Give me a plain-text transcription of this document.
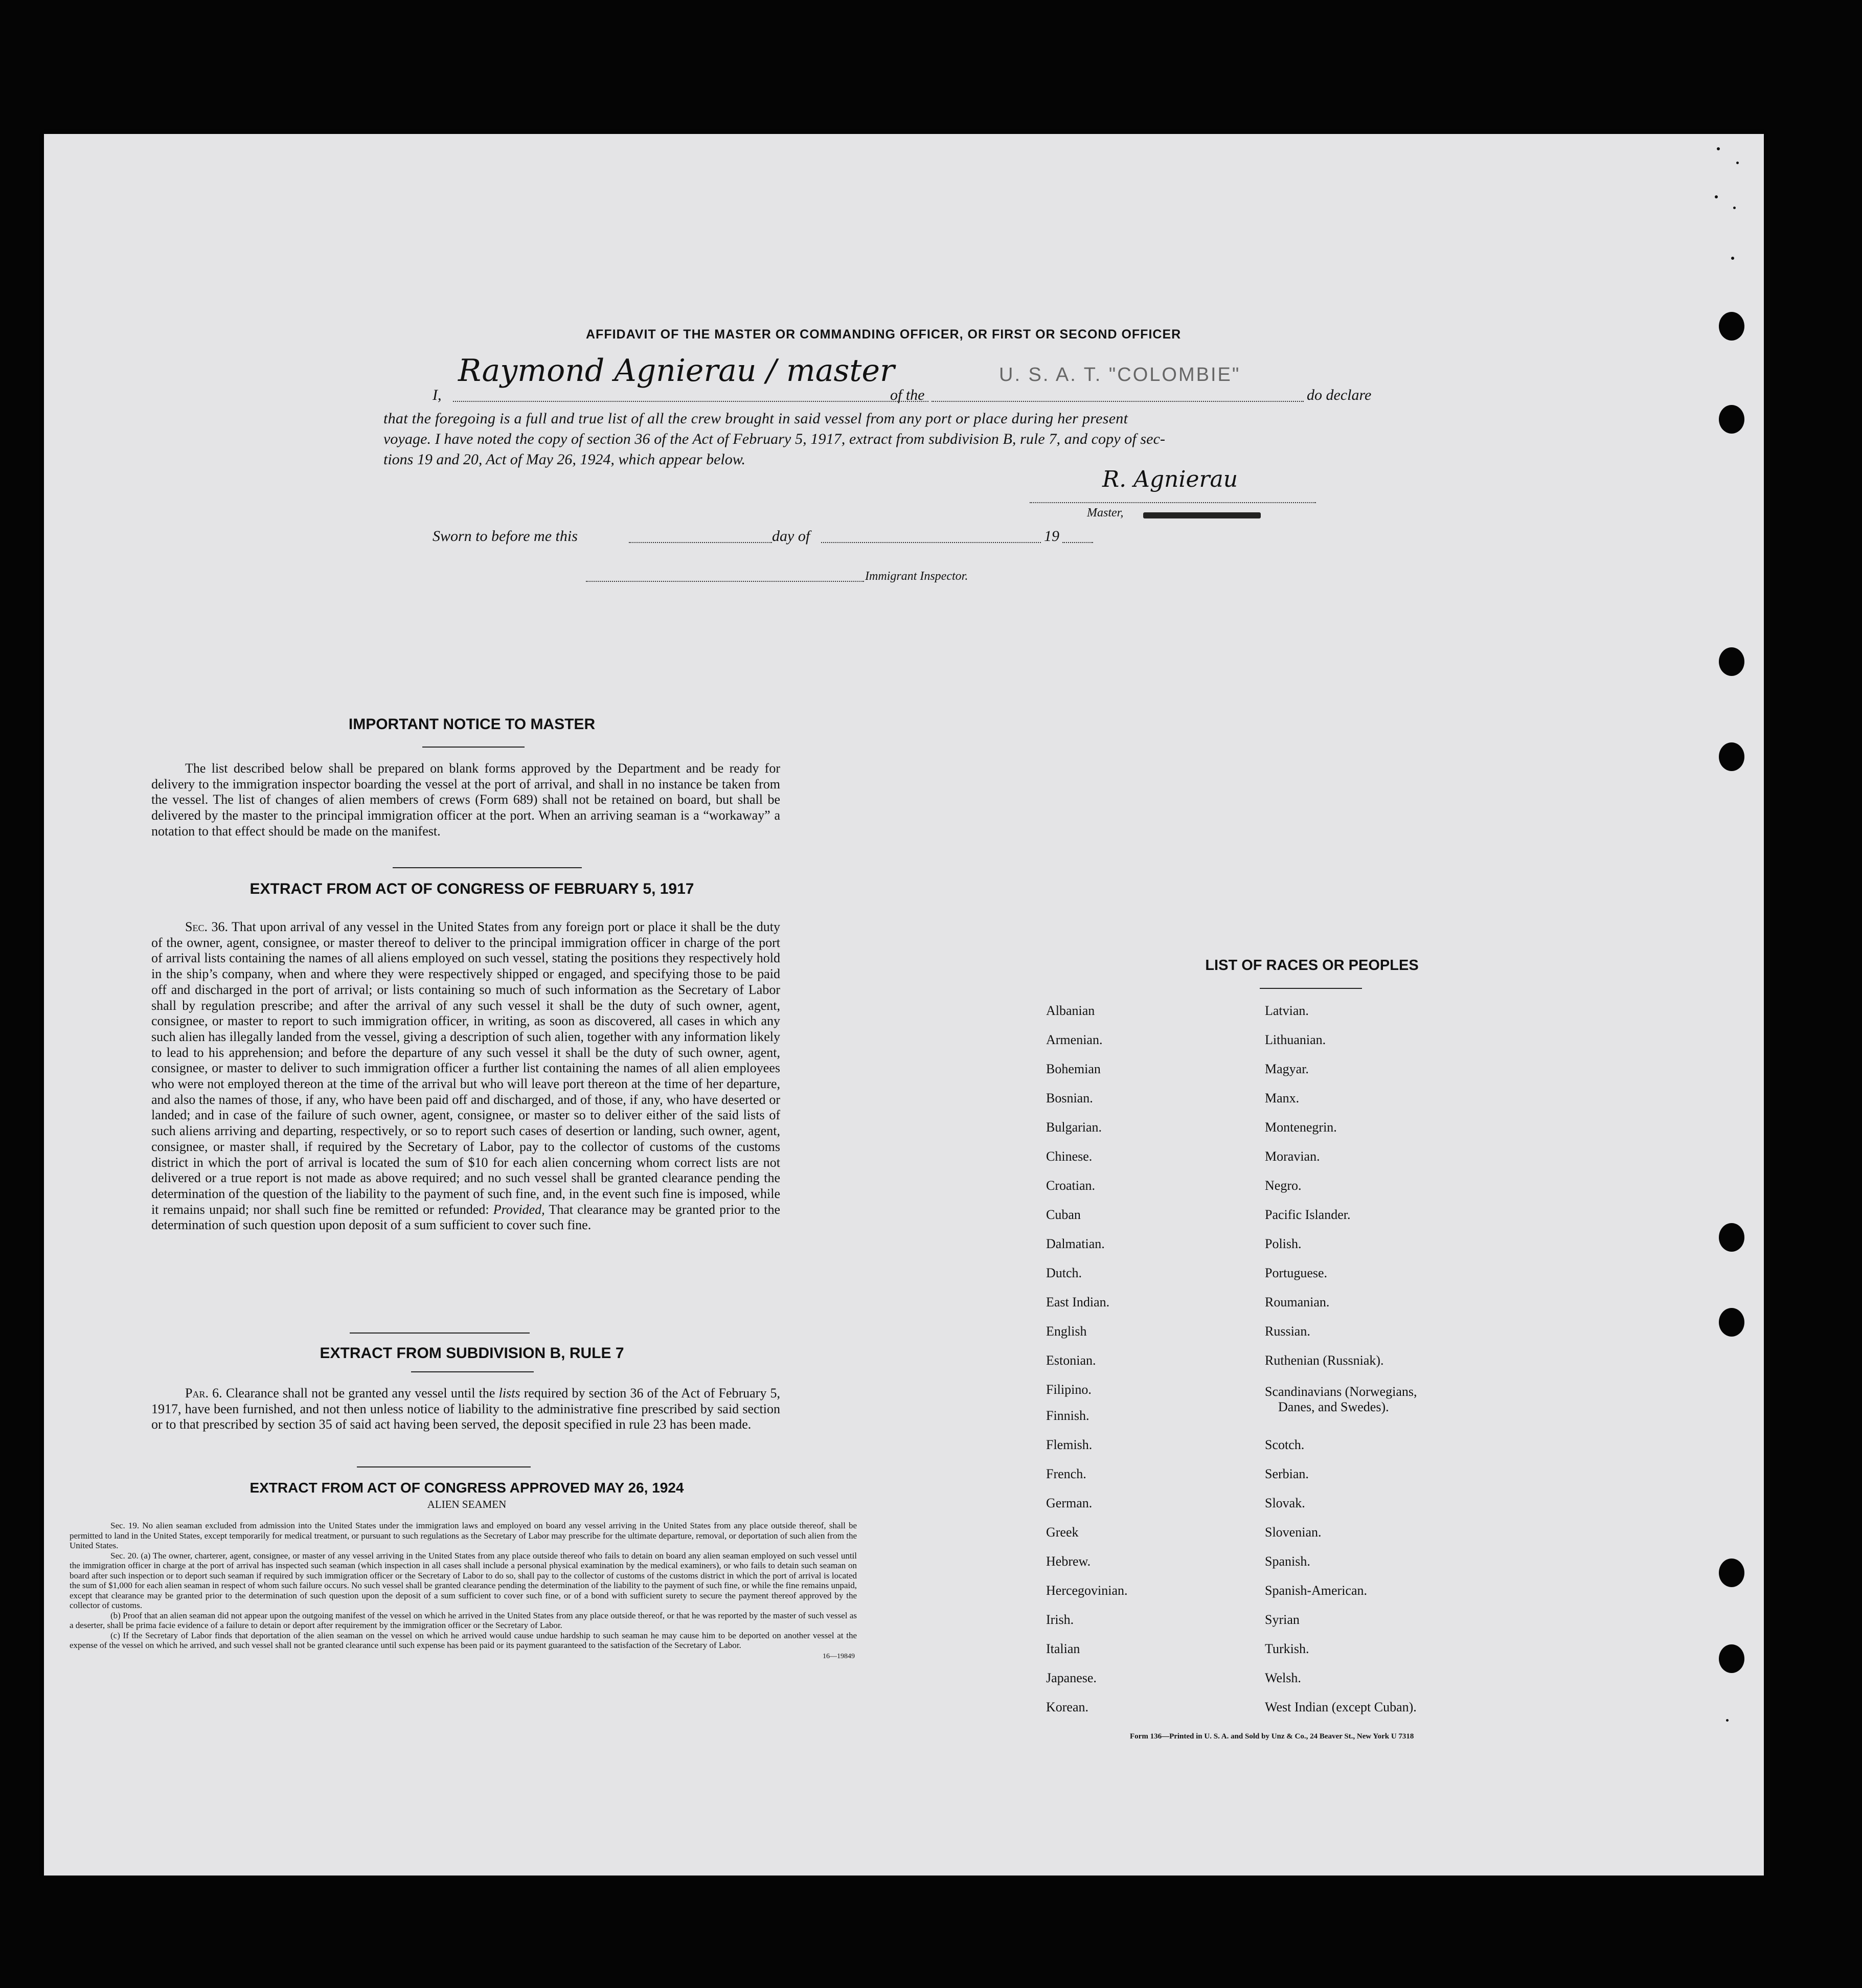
AFFIDAVIT OF THE MASTER OR COMMANDING OFFICER, OR FIRST OR SECOND OFFICER
I,
Raymond Agnierau / master
of the
U. S. A. T. "COLOMBIE"
do declare
that the foregoing is a full and true list of all the crew brought in said vessel from any port or place during her present
voyage. I have noted the copy of section 36 of the Act of February 5, 1917, extract from subdivision B, rule 7, and copy of sec-
tions 19 and 20, Act of May 26, 1924, which appear below.
R. Agnierau
Master,
Sworn to before me this	day of	19
Immigrant Inspector.
IMPORTANT NOTICE TO MASTER
The list described below shall be prepared on blank forms approved by the Department and be ready for delivery to the immigration inspector boarding the vessel at the port of arrival, and shall in no instance be taken from the vessel. The list of changes of alien members of crews (Form 689) shall not be retained on board, but shall be delivered by the master to the principal immigration officer at the port. When an arriving seaman is a “workaway” a notation to that effect should be made on the manifest.
EXTRACT FROM ACT OF CONGRESS OF FEBRUARY 5, 1917
Sec. 36. That upon arrival of any vessel in the United States from any foreign port or place it shall be the duty of the owner, agent, consignee, or master thereof to deliver to the principal immigration officer in charge of the port of arrival lists containing the names of all aliens employed on such vessel, stating the positions they respectively hold in the ship’s company, when and where they were respectively shipped or engaged, and specifying those to be paid off and discharged in the port of arrival; or lists containing so much of such information as the Secretary of Labor shall by regulation prescribe; and after the arrival of any such vessel it shall be the duty of such owner, agent, consignee, or master to report to such immigration officer, in writing, as soon as discovered, all cases in which any such alien has illegally landed from the vessel, giving a description of such alien, together with any information likely to lead to his apprehension; and before the departure of any such vessel it shall be the duty of such owner, agent, consignee, or master to deliver to such immigration officer a further list containing the names of all alien employees who were not employed thereon at the time of the arrival but who will leave port thereon at the time of her departure, and also the names of those, if any, who have been paid off and discharged, and of those, if any, who have deserted or landed; and in case of the failure of such owner, agent, consignee, or master so to deliver either of the said lists of such aliens arriving and departing, respectively, or so to report such cases of desertion or landing, such owner, agent, consignee, or master shall, if required by the Secretary of Labor, pay to the collector of customs of the customs district in which the port of arrival is located the sum of $10 for each alien concerning whom correct lists are not delivered or a true report is not made as above required; and no such vessel shall be granted clearance pending the determination of the question of the liability to the payment of such fine, and, in the event such fine is imposed, while it remains unpaid; nor shall such fine be remitted or refunded: Provided, That clearance may be granted prior to the determination of such question upon deposit of a sum sufficient to cover such fine.
EXTRACT FROM SUBDIVISION B, RULE 7
Par. 6. Clearance shall not be granted any vessel until the lists required by section 36 of the Act of February 5, 1917, have been furnished, and not then unless notice of liability to the administrative fine prescribed by said section or to that prescribed by section 35 of said act having been served, the deposit specified in rule 23 has been made.
EXTRACT FROM ACT OF CONGRESS APPROVED MAY 26, 1924
ALIEN SEAMEN
Sec. 19. No alien seaman excluded from admission into the United States under the immigration laws and employed on board any vessel arriving in the United States from any place outside thereof, shall be permitted to land in the United States, except temporarily for medical treatment, or pursuant to such regulations as the Secretary of Labor may prescribe for the ultimate departure, removal, or deportation of such alien from the United States.
Sec. 20. (a) The owner, charterer, agent, consignee, or master of any vessel arriving in the United States from any place outside thereof who fails to detain on board any alien seaman employed on such vessel until the immigration officer in charge at the port of arrival has inspected such seaman (which inspection in all cases shall include a personal physical examination by the medical examiners), or who fails to detain such seaman on board after such inspection or to deport such seaman if required by such immigration officer or the Secretary of Labor to do so, shall pay to the collector of customs of the customs district in which the port of arrival is located the sum of $1,000 for each alien seaman in respect of whom such failure occurs. No such vessel shall be granted clearance pending the determination of the liability to the payment of such fine, or while the fine remains unpaid, except that clearance may be granted prior to the determination of such question upon the deposit of a sum sufficient to cover such fine, or of a bond with sufficient surety to secure the payment thereof approved by the collector of customs.
(b) Proof that an alien seaman did not appear upon the outgoing manifest of the vessel on which he arrived in the United States from any place outside thereof, or that he was reported by the master of such vessel as a deserter, shall be prima facie evidence of a failure to detain or deport after requirement by the immigration officer or the Secretary of Labor.
(c) If the Secretary of Labor finds that deportation of the alien seaman on the vessel on which he arrived would cause undue hardship to such seaman he may cause him to be deported on another vessel at the expense of the vessel on which he arrived, and such vessel shall not be granted clearance until such expense has been paid or its payment guaranteed to the satisfaction of the Secretary of Labor.
16—19849
LIST OF RACES OR PEOPLES
Albanian
Armenian.
Bohemian
Bosnian.
Bulgarian.
Chinese.
Croatian.
Cuban
Dalmatian.
Dutch.
East Indian.
English
Estonian.
Filipino.
Finnish.
Flemish.
French.
German.
Greek
Hebrew.
Hercegovinian.
Irish.
Italian
Japanese.
Korean.
Latvian.
Lithuanian.
Magyar.
Manx.
Montenegrin.
Moravian.
Negro.
Pacific Islander.
Polish.
Portuguese.
Roumanian.
Russian.
Ruthenian (Russniak).
Scandinavians (Norwegians,
Danes, and Swedes).
Scotch.
Serbian.
Slovak.
Slovenian.
Spanish.
Spanish-American.
Syrian
Turkish.
Welsh.
West Indian (except Cuban).
Form 136—Printed in U. S. A. and Sold by Unz & Co., 24 Beaver St., New York U 7318
